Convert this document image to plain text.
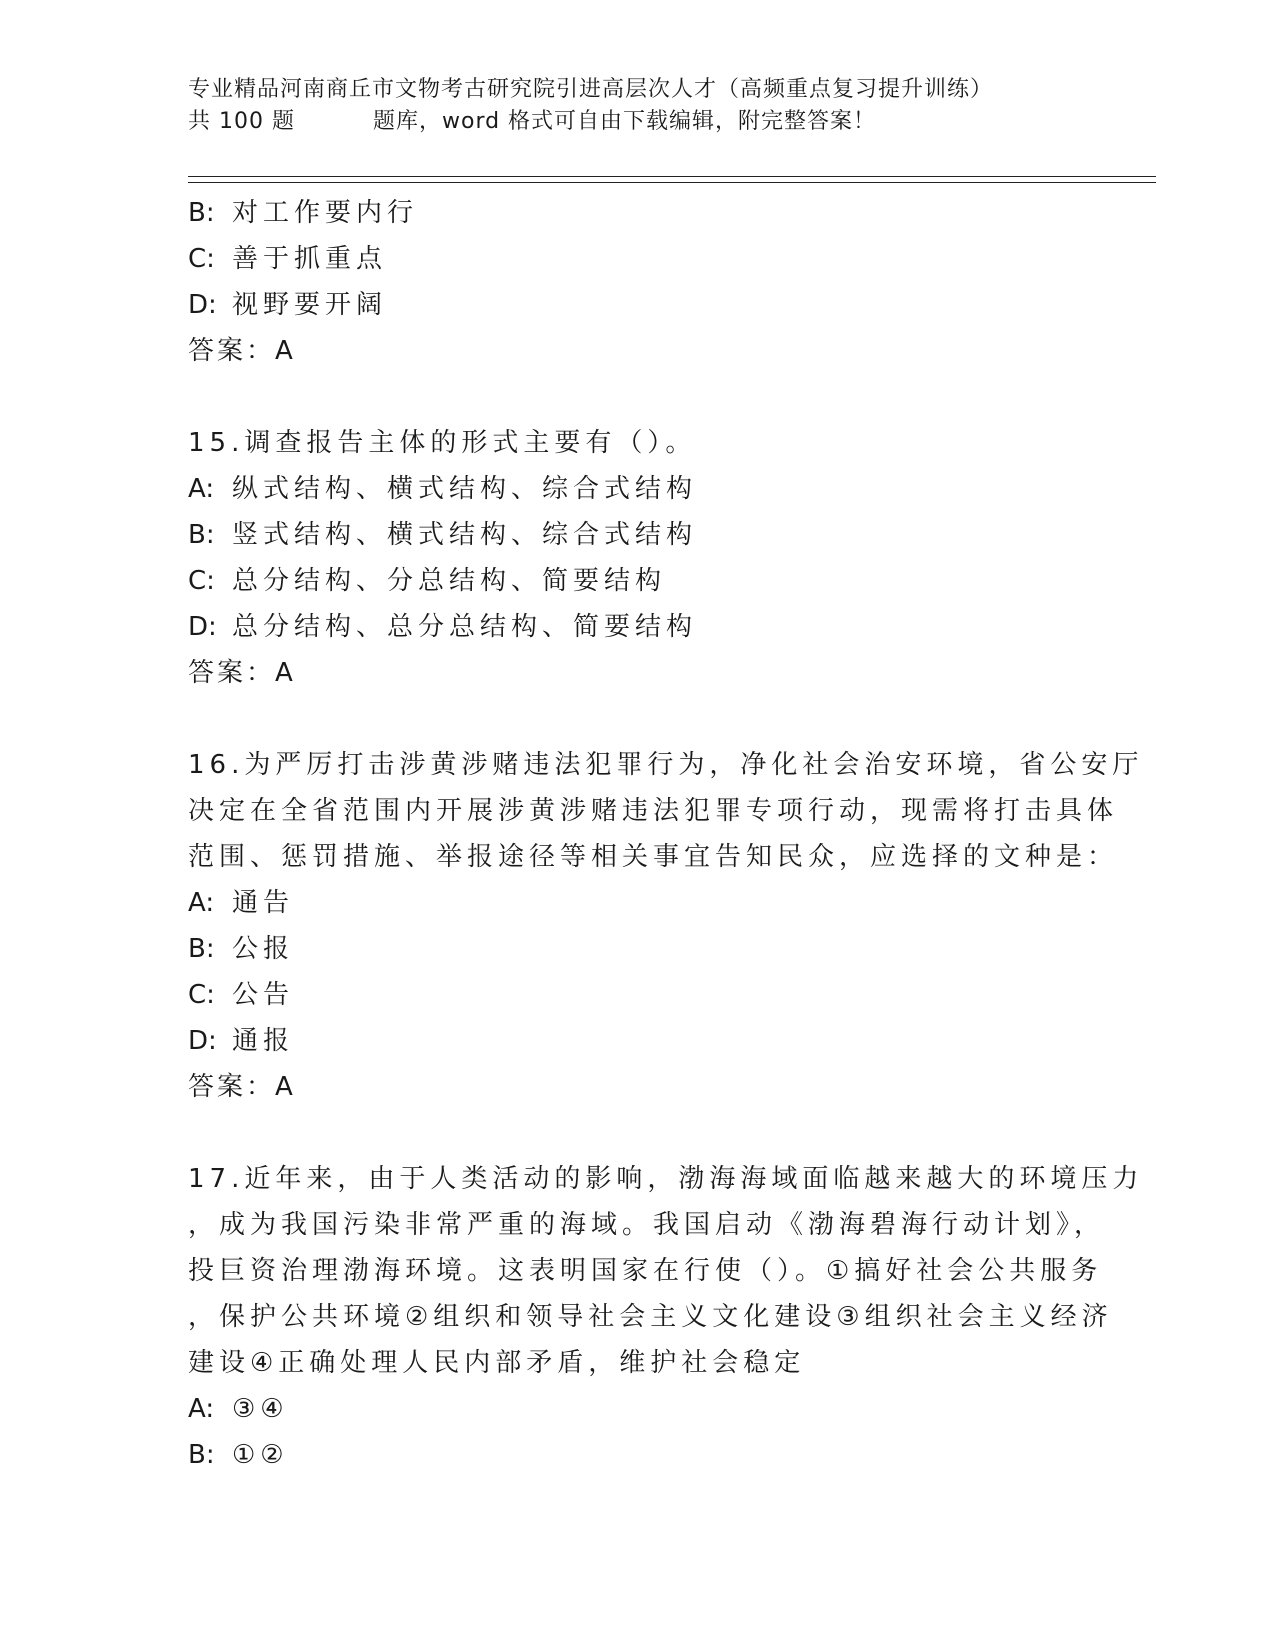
专业精品河南商丘市文物考古研究院引进高层次人才（高频重点复习提升训练）
共 100 题	题库，word 格式可自由下载编辑，附完整答案！
B: 对工作要内行
C: 善于抓重点
D: 视野要开阔
答案：A
15.调查报告主体的形式主要有（）。
A: 纵式结构、横式结构、综合式结构
B: 竖式结构、横式结构、综合式结构
C: 总分结构、分总结构、简要结构
D: 总分结构、总分总结构、简要结构
答案：A
16.为严厉打击涉黄涉赌违法犯罪行为，净化社会治安环境，省公安厅
决定在全省范围内开展涉黄涉赌违法犯罪专项行动，现需将打击具体
范围、惩罚措施、举报途径等相关事宜告知民众，应选择的文种是：
A: 通告
B: 公报
C: 公告
D: 通报
答案：A
17.近年来，由于人类活动的影响，渤海海域面临越来越大的环境压力
，成为我国污染非常严重的海域。我国启动《渤海碧海行动计划》，
投巨资治理渤海环境。这表明国家在行使（）。①搞好社会公共服务
，保护公共环境②组织和领导社会主义文化建设③组织社会主义经济
建设④正确处理人民内部矛盾，维护社会稳定
A: ③④
B: ①②
